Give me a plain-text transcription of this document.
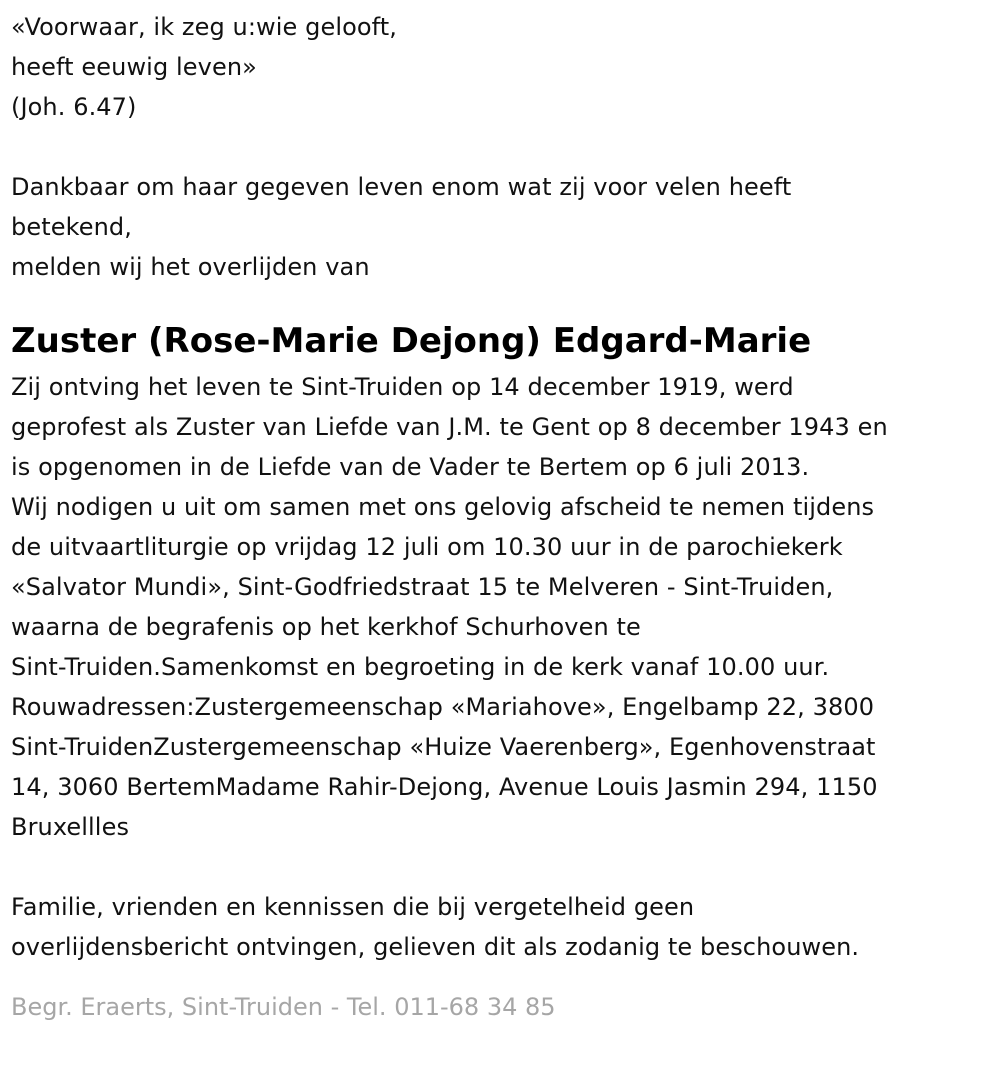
«Voorwaar, ik zeg u:wie gelooft,
heeft eeuwig leven»
(Joh. 6.47)
Dankbaar om haar gegeven leven enom wat zij voor velen heeft
betekend,
melden wij het overlijden van
Zuster (Rose-Marie Dejong) Edgard-Marie
Zij ontving het leven te Sint-Truiden op 14 december 1919, werd
geprofest als Zuster van Liefde van J.M. te Gent op 8 december 1943 en
is opgenomen in de Liefde van de Vader te Bertem op 6 juli 2013.
Wij nodigen u uit om samen met ons gelovig afscheid te nemen tijdens
de uitvaartliturgie op vrijdag 12 juli om 10.30 uur in de parochiekerk
«Salvator Mundi», Sint-Godfriedstraat 15 te Melveren - Sint-Truiden,
waarna de begrafenis op het kerkhof Schurhoven te
Sint-Truiden.Samenkomst en begroeting in de kerk vanaf 10.00 uur.
Rouwadressen:Zustergemeenschap «Mariahove», Engelbamp 22, 3800
Sint-TruidenZustergemeenschap «Huize Vaerenberg», Egenhovenstraat
14, 3060 BertemMadame Rahir-Dejong, Avenue Louis Jasmin 294, 1150
Bruxellles
Familie, vrienden en kennissen die bij vergetelheid geen
overlijdensbericht ontvingen, gelieven dit als zodanig te beschouwen.
Begr. Eraerts, Sint-Truiden - Tel. 011-68 34 85
